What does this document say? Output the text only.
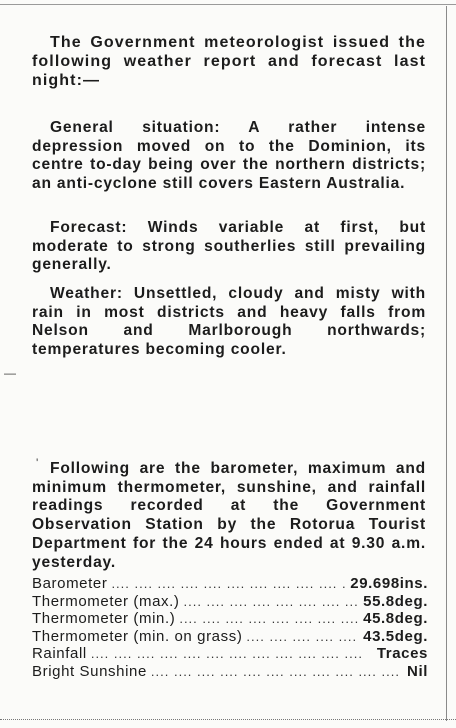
The Government meteorologist issued the following weather report and forecast last night:—

General situation: A rather intense depression moved on to the Dominion, its centre to-day being over the northern districts; an anti-cyclone still covers Eastern Australia.

Forecast: Winds variable at first, but moderate to strong southerlies still prevailing generally.

Weather: Unsettled, cloudy and misty with rain in most districts and heavy falls from Nelson and Marlborough northwards; temperatures becoming cooler.

—
' Following are the barometer, maximum and minimum thermometer, sunshine, and rainfall readings recorded at the Government Observation Station by the Rotorua Tourist Department for the 24 hours ended at 9.30 a.m. yesterday.

Barometer ....	29.698ins.
Thermometer (max.) ....	55.8deg.
Thermometer (min.) ....	45.8deg.
Thermometer (min. on grass) ....	43.5deg.
Rainfall ....	Traces
Bright Sunshine ....	Nil
